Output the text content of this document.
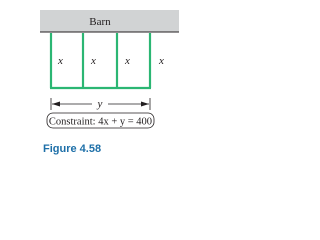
Barn
x	x	x	x
y
Constraint: 4x + y = 400
Figure 4.58
